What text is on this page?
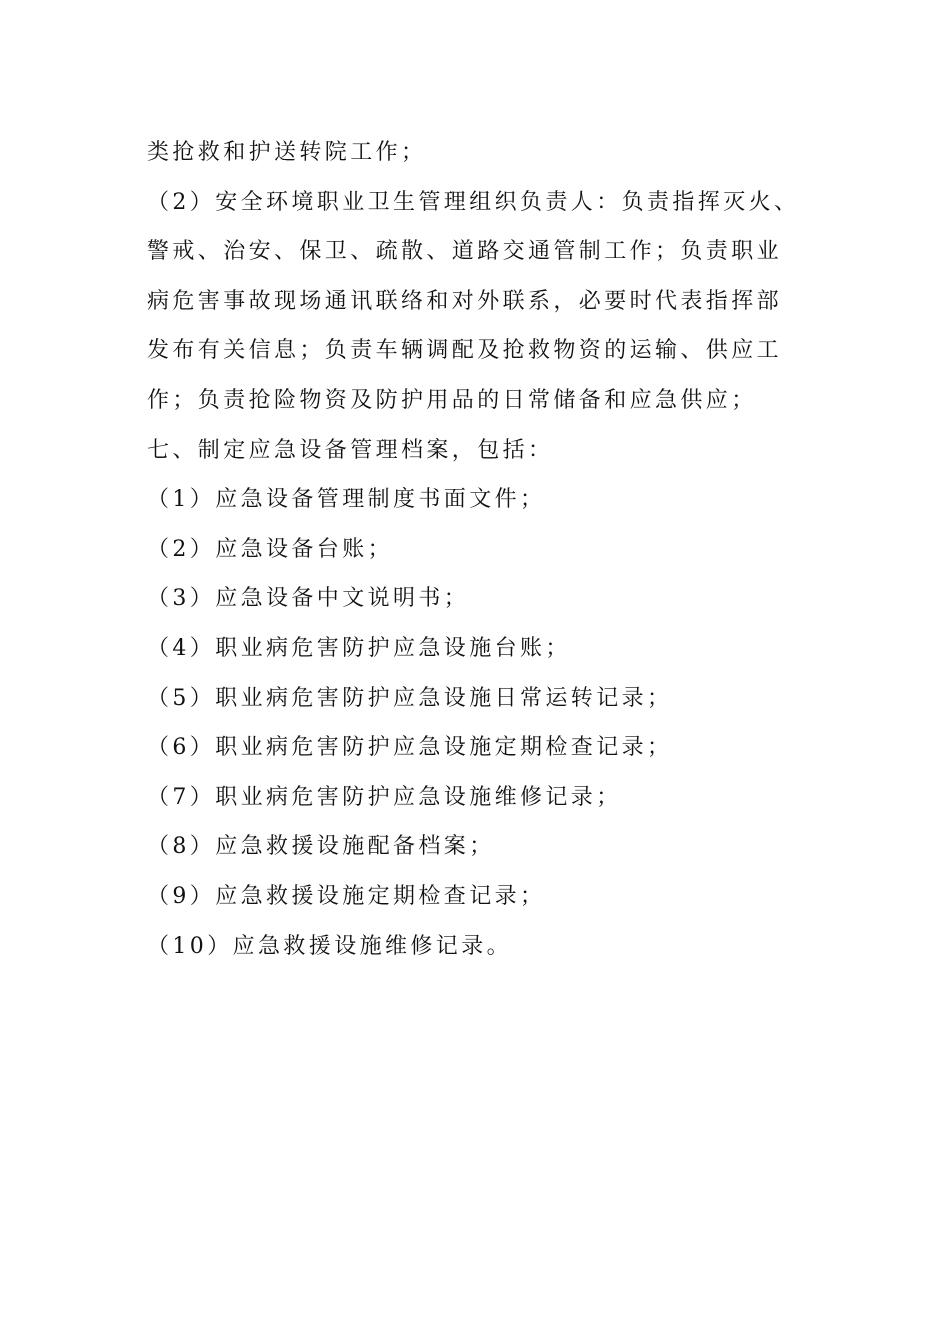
类抢救和护送转院工作；

（2）安全环境职业卫生管理组织负责人：负责指挥灭火、

警戒、治安、保卫、疏散、道路交通管制工作；负责职业

病危害事故现场通讯联络和对外联系，必要时代表指挥部

发布有关信息；负责车辆调配及抢救物资的运输、供应工

作；负责抢险物资及防护用品的日常储备和应急供应；

七、制定应急设备管理档案，包括：

（1）应急设备管理制度书面文件；

（2）应急设备台账；

（3）应急设备中文说明书；

（4）职业病危害防护应急设施台账；

（5）职业病危害防护应急设施日常运转记录；

（6）职业病危害防护应急设施定期检查记录；

（7）职业病危害防护应急设施维修记录；

（8）应急救援设施配备档案；

（9）应急救援设施定期检查记录；

（10）应急救援设施维修记录。
